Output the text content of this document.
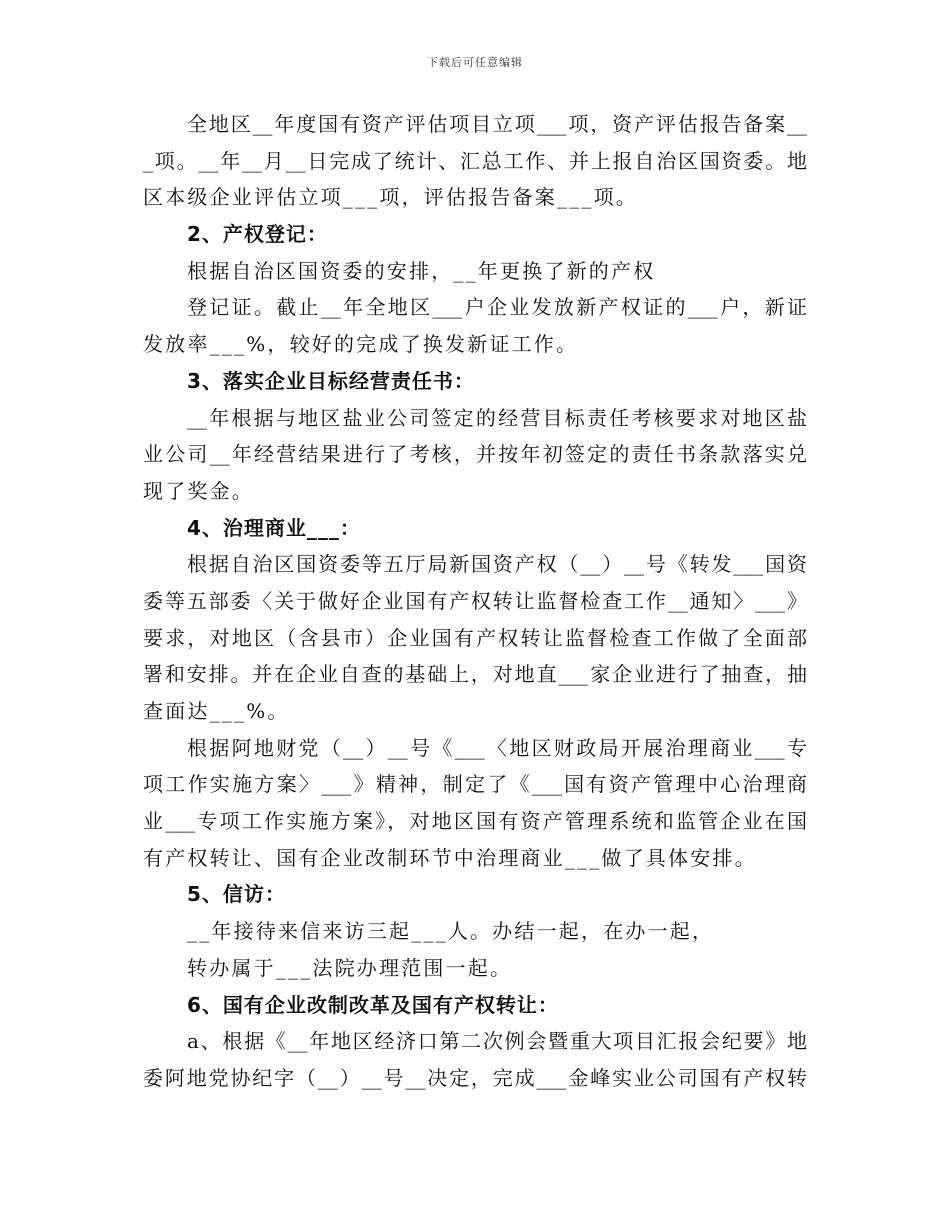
下载后可任意编辑
全地区__年度国有资产评估项目立项___项，资产评估报告备案__
_项。__年__月__日完成了统计、汇总工作、并上报自治区国资委。地
区本级企业评估立项___项，评估报告备案___项。
2、产权登记：
根据自治区国资委的安排，__年更换了新的产权
登记证。截止__年全地区___户企业发放新产权证的___户，新证
发放率___%，较好的完成了换发新证工作。
3、落实企业目标经营责任书：
__年根据与地区盐业公司签定的经营目标责任考核要求对地区盐
业公司__年经营结果进行了考核，并按年初签定的责任书条款落实兑
现了奖金。
4、治理商业___：
根据自治区国资委等五厅局新国资产权（__）__号《转发___国资
委等五部委〈关于做好企业国有产权转让监督检查工作__通知〉___》
要求，对地区（含县市）企业国有产权转让监督检查工作做了全面部
署和安排。并在企业自查的基础上，对地直___家企业进行了抽查，抽
查面达___%。
根据阿地财党（__）__号《___〈地区财政局开展治理商业___专
项工作实施方案〉___》精神，制定了《___国有资产管理中心治理商
业___专项工作实施方案》，对地区国有资产管理系统和监管企业在国
有产权转让、国有企业改制环节中治理商业___做了具体安排。
5、信访：
__年接待来信来访三起___人。办结一起，在办一起，
转办属于___法院办理范围一起。
6、国有企业改制改革及国有产权转让：
a、根据《__年地区经济口第二次例会暨重大项目汇报会纪要》地
委阿地党协纪字（__）__号__决定，完成___金峰实业公司国有产权转
